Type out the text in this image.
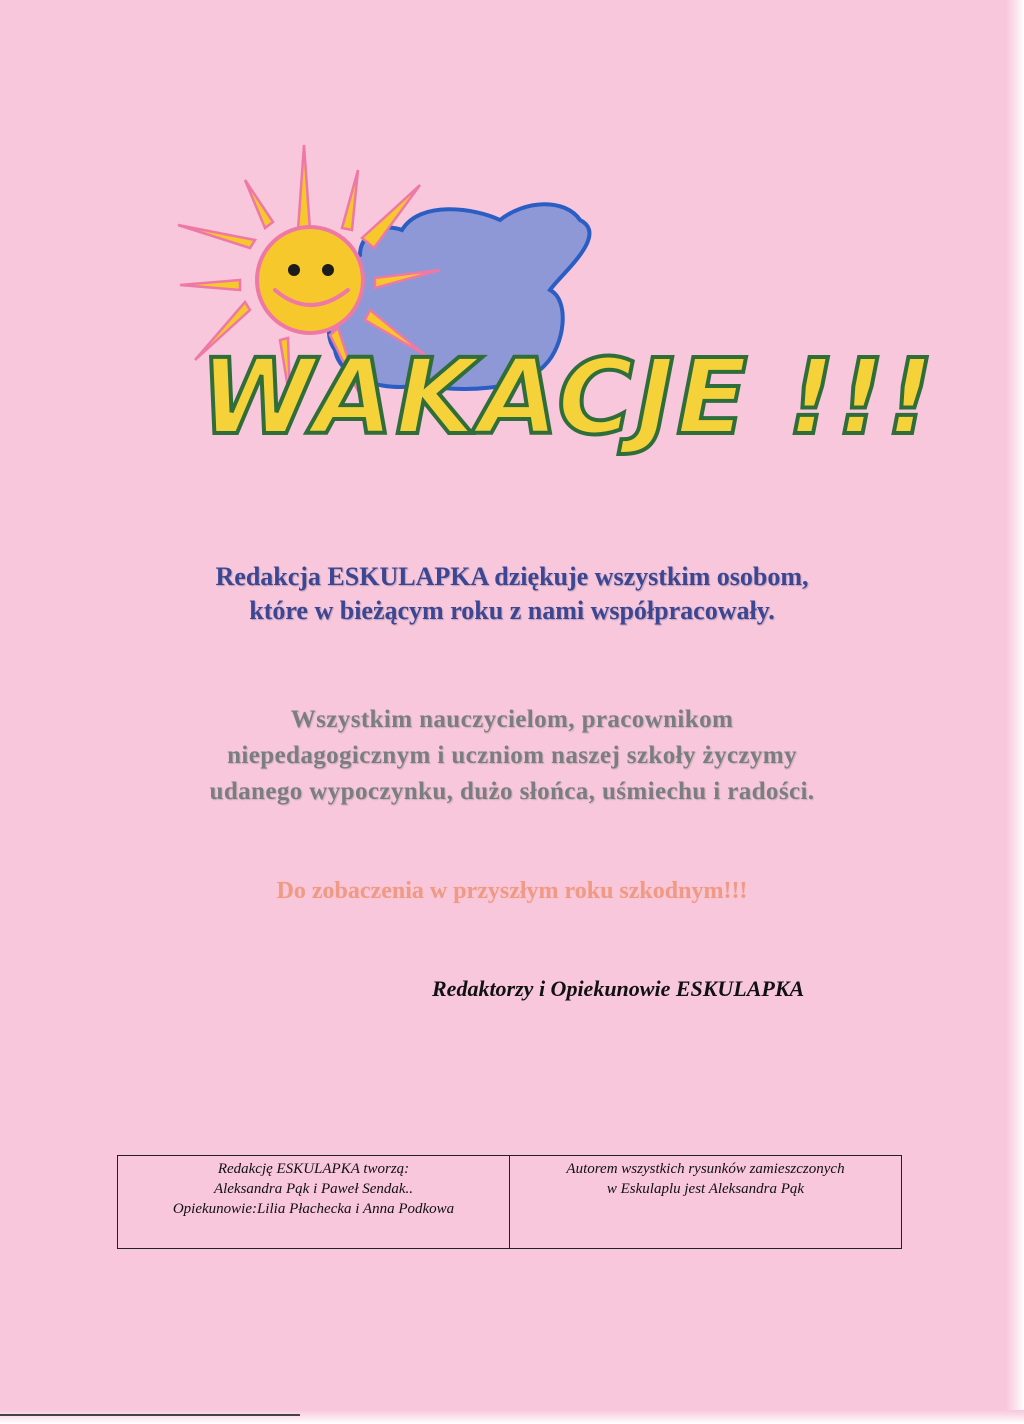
WAKACJE !!!
Redakcja ESKULAPKA dziękuje wszystkim osobom,
które w bieżącym roku z nami współpracowały.
Wszystkim nauczycielom, pracownikom
niepedagogicznym i uczniom naszej szkoły życzymy
udanego wypoczynku, dużo słońca, uśmiechu i radości.
Do zobaczenia w przyszłym roku szkodnym!!!
Redaktorzy i Opiekunowie ESKULAPKA
Redakcję ESKULAPKA tworzą:
Aleksandra Pąk i Paweł Sendak..
Opiekunowie:Lilia Płachecka i Anna Podkowa
Autorem wszystkich rysunków zamieszczonych
w Eskulaplu jest Aleksandra Pąk
